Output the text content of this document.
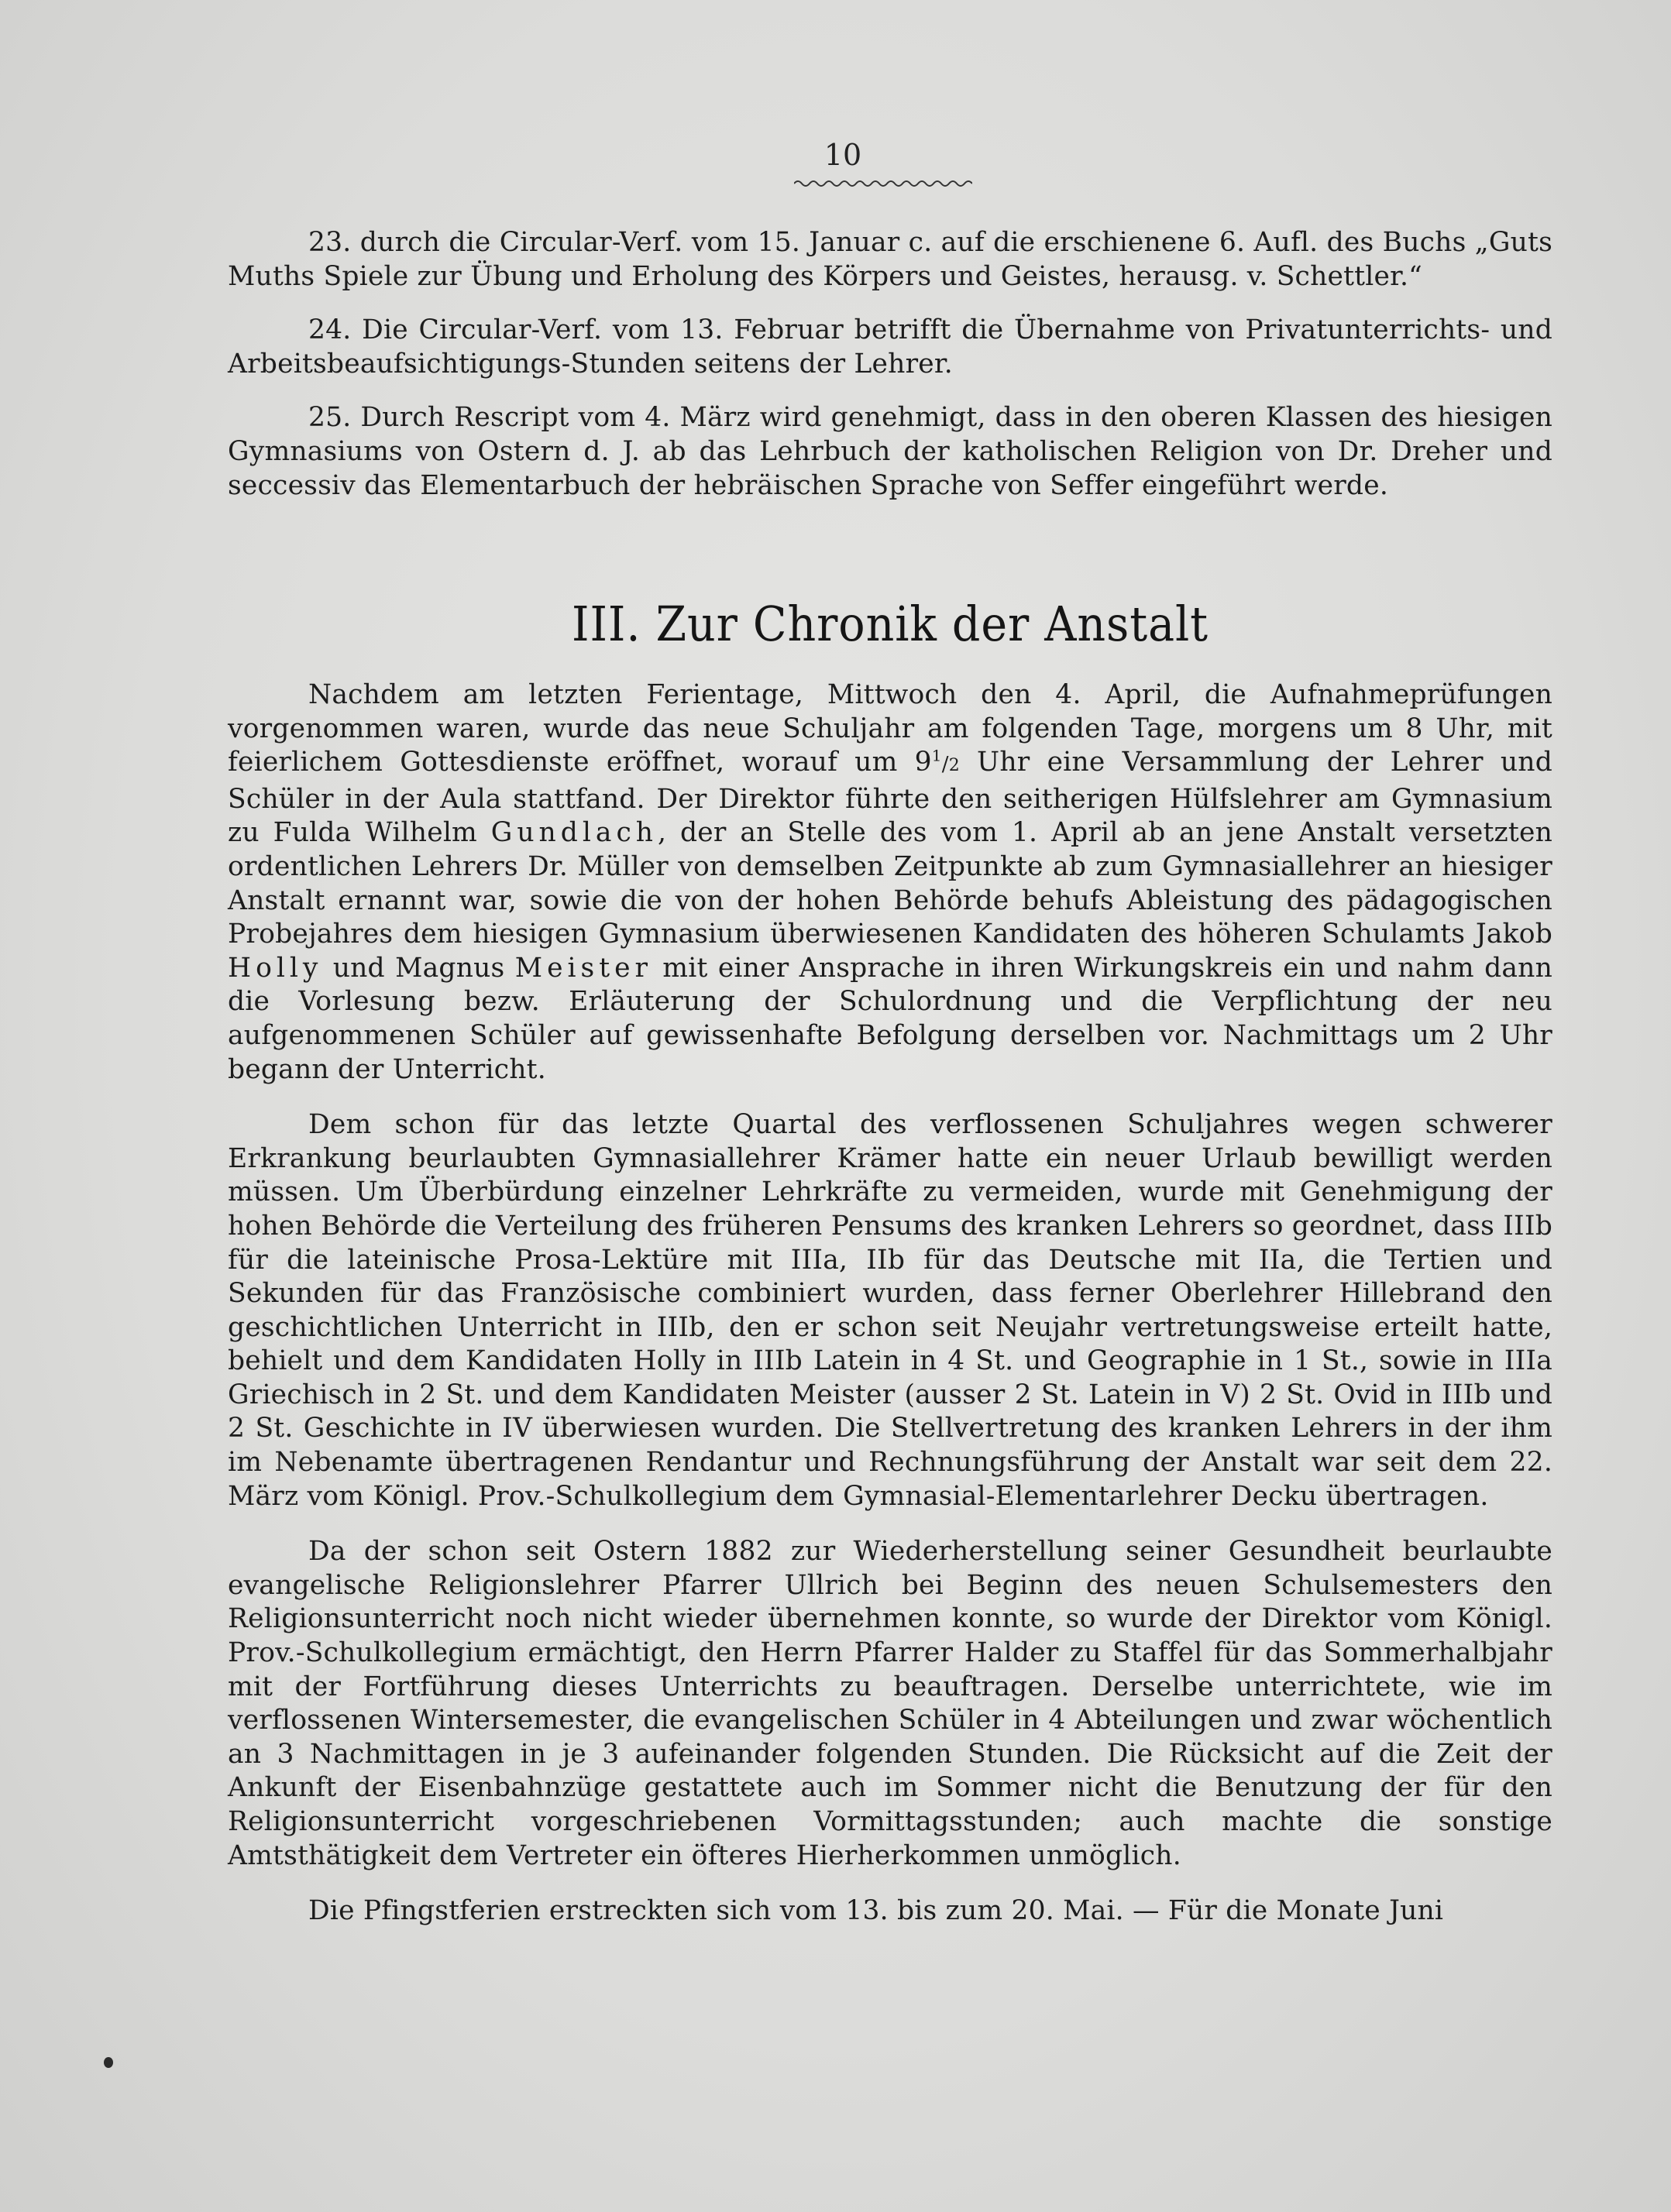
10

23. durch die Circular-Verf. vom 15. Januar c. auf die erschienene 6. Aufl. des Buchs „Guts Muths Spiele zur Übung und Erholung des Körpers und Geistes, herausg. v. Schettler.“

24. Die Circular-Verf. vom 13. Februar betrifft die Übernahme von Privatunterrichts- und Arbeitsbeaufsichtigungs-Stunden seitens der Lehrer.

25. Durch Rescript vom 4. März wird genehmigt, dass in den oberen Klassen des hiesigen Gymnasiums von Ostern d. J. ab das Lehrbuch der katholischen Religion von Dr. Dreher und seccessiv das Elementarbuch der hebräischen Sprache von Seffer eingeführt werde.

III. Zur Chronik der Anstalt

Nachdem am letzten Ferientage, Mittwoch den 4. April, die Aufnahmeprüfungen vorgenommen waren, wurde das neue Schuljahr am folgenden Tage, morgens um 8 Uhr, mit feierlichem Gottesdienste eröffnet, worauf um $9^1/2$ Uhr eine Versammlung der Lehrer und Schüler in der Aula stattfand. Der Direktor führte den seitherigen Hülfslehrer am Gymnasium zu Fulda Wilhelm Gundlach, der an Stelle des vom 1. April ab an jene Anstalt versetzten ordentlichen Lehrers Dr. Müller von demselben Zeitpunkte ab zum Gymnasiallehrer an hiesiger Anstalt ernannt war, sowie die von der hohen Behörde behufs Ableistung des pädagogischen Probejahres dem hiesigen Gymnasium überwiesenen Kandidaten des höheren Schulamts Jakob Holly und Magnus Meister mit einer Ansprache in ihren Wirkungskreis ein und nahm dann die Vorlesung bezw. Erläuterung der Schulordnung und die Verpflichtung der neu aufgenommenen Schüler auf gewissenhafte Befolgung derselben vor. Nachmittags um 2 Uhr begann der Unterricht.

Dem schon für das letzte Quartal des verflossenen Schuljahres wegen schwerer Erkrankung beurlaubten Gymnasiallehrer Krämer hatte ein neuer Urlaub bewilligt werden müssen. Um Überbürdung einzelner Lehrkräfte zu vermeiden, wurde mit Genehmigung der hohen Behörde die Verteilung des früheren Pensums des kranken Lehrers so geordnet, dass IIIb für die lateinische Prosa-Lektüre mit IIIa, IIb für das Deutsche mit IIa, die Tertien und Sekunden für das Französische combiniert wurden, dass ferner Oberlehrer Hillebrand den geschichtlichen Unterricht in IIIb, den er schon seit Neujahr vertretungsweise erteilt hatte, behielt und dem Kandidaten Holly in IIIb Latein in 4 St. und Geographie in 1 St., sowie in IIIa Griechisch in 2 St. und dem Kandidaten Meister (ausser 2 St. Latein in V) 2 St. Ovid in IIIb und 2 St. Geschichte in IV überwiesen wurden. Die Stellvertretung des kranken Lehrers in der ihm im Nebenamte übertragenen Rendantur und Rechnungsführung der Anstalt war seit dem 22. März vom Königl. Prov.-Schulkollegium dem Gymnasial-Elementarlehrer Decku übertragen.

Da der schon seit Ostern 1882 zur Wiederherstellung seiner Gesundheit beurlaubte evangelische Religionslehrer Pfarrer Ullrich bei Beginn des neuen Schulsemesters den Religionsunterricht noch nicht wieder übernehmen konnte, so wurde der Direktor vom Königl. Prov.-Schulkollegium ermächtigt, den Herrn Pfarrer Halder zu Staffel für das Sommerhalbjahr mit der Fortführung dieses Unterrichts zu beauftragen. Derselbe unterrichtete, wie im verflossenen Wintersemester, die evangelischen Schüler in 4 Abteilungen und zwar wöchentlich an 3 Nachmittagen in je 3 aufeinander folgenden Stunden. Die Rücksicht auf die Zeit der Ankunft der Eisenbahnzüge gestattete auch im Sommer nicht die Benutzung der für den Religionsunterricht vorgeschriebenen Vormittagsstunden; auch machte die sonstige Amtsthätigkeit dem Vertreter ein öfteres Hierherkommen unmöglich.

Die Pfingstferien erstreckten sich vom 13. bis zum 20. Mai. — Für die Monate Juni
